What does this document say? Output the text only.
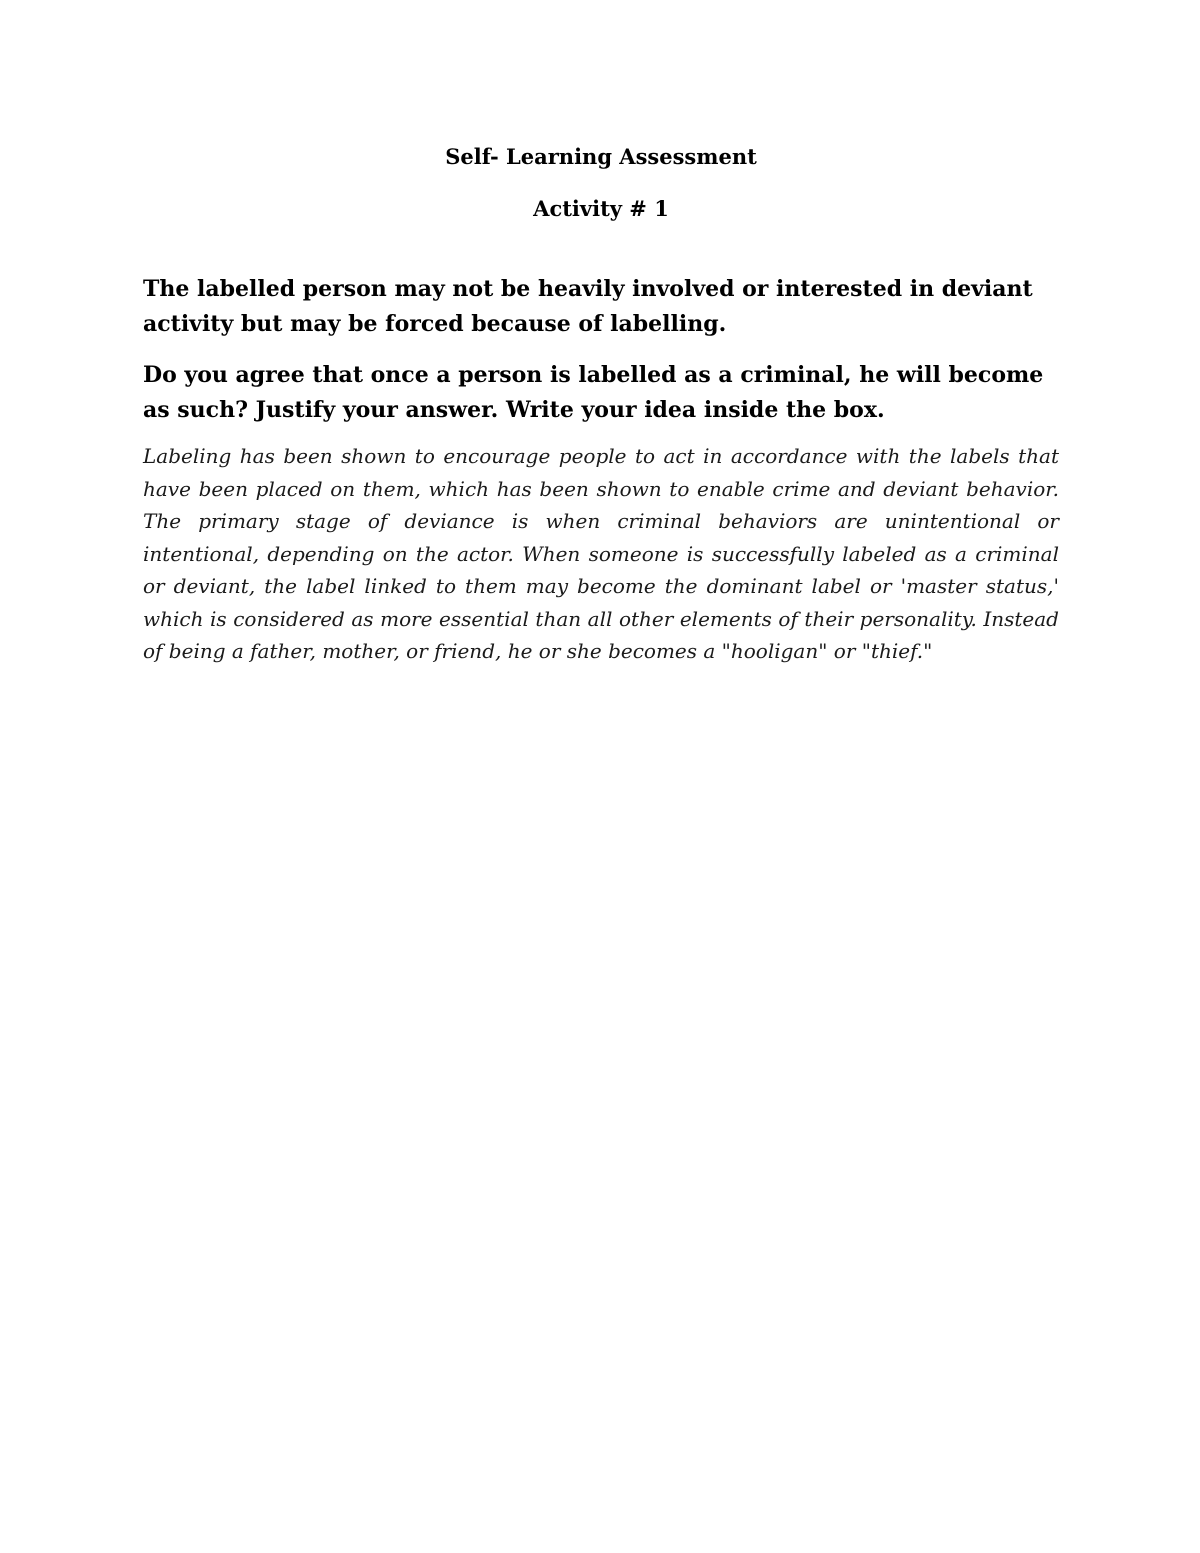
Self- Learning Assessment

Activity # 1

The labelled person may not be heavily involved or interested in deviant activity but may be forced because of labelling.

Do you agree that once a person is labelled as a criminal, he will become as such? Justify your answer. Write your idea inside the box.

Labeling has been shown to encourage people to act in accordance with the labels that have been placed on them, which has been shown to enable crime and deviant behavior. The primary stage of deviance is when criminal behaviors are unintentional or intentional, depending on the actor. When someone is successfully labeled as a criminal or deviant, the label linked to them may become the dominant label or 'master status,' which is considered as more essential than all other elements of their personality. Instead of being a father, mother, or friend, he or she becomes a "hooligan" or "thief."
